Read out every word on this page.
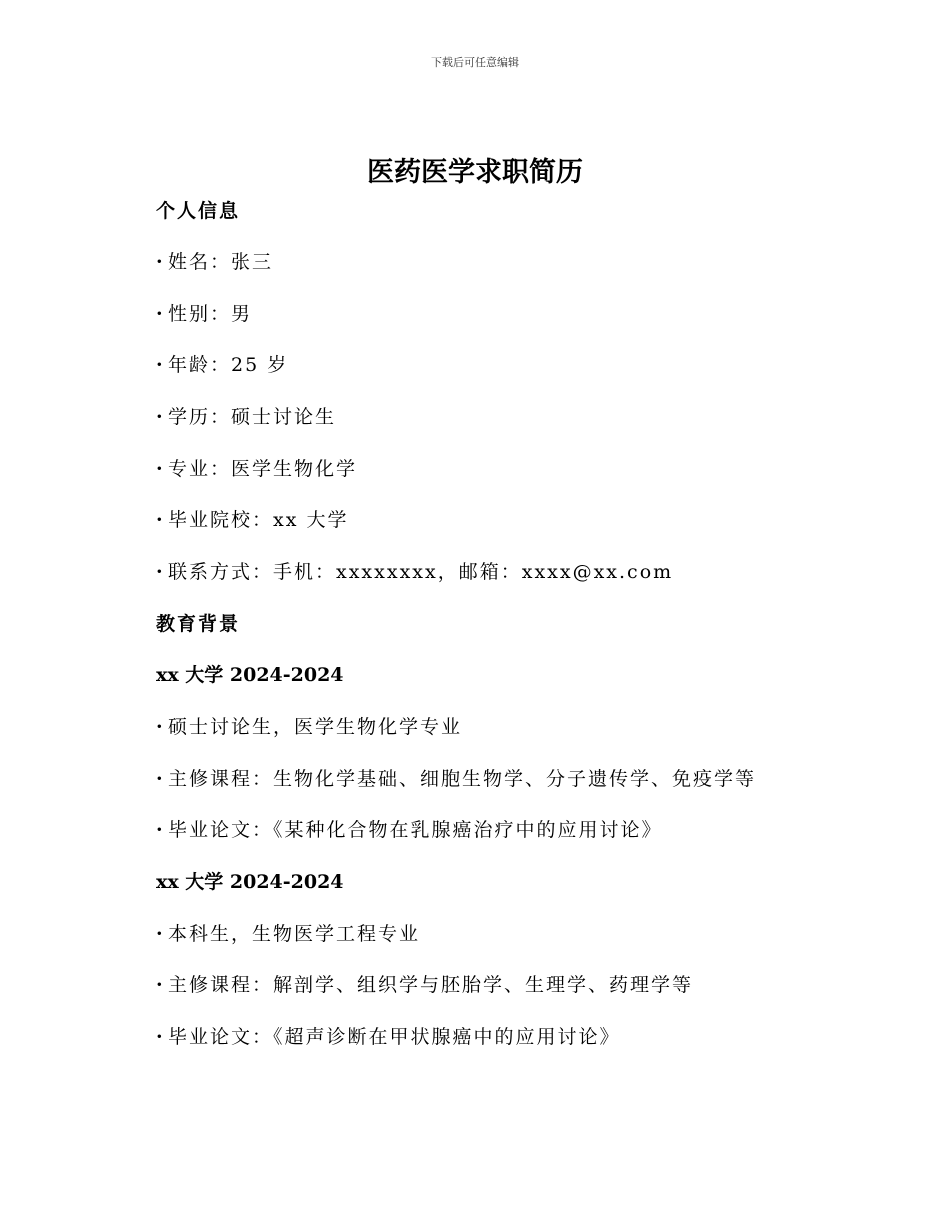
下载后可任意编辑
医药医学求职简历
个人信息
· 姓名：张三
· 性别：男
· 年龄：25 岁
· 学历：硕士讨论生
· 专业：医学生物化学
· 毕业院校：xx 大学
· 联系方式：手机：xxxxxxxx，邮箱：xxxx@xx.com
教育背景
xx 大学 2024-2024
· 硕士讨论生，医学生物化学专业
· 主修课程：生物化学基础、细胞生物学、分子遗传学、免疫学等
· 毕业论文：《某种化合物在乳腺癌治疗中的应用讨论》
xx 大学 2024-2024
· 本科生，生物医学工程专业
· 主修课程：解剖学、组织学与胚胎学、生理学、药理学等
· 毕业论文：《超声诊断在甲状腺癌中的应用讨论》
